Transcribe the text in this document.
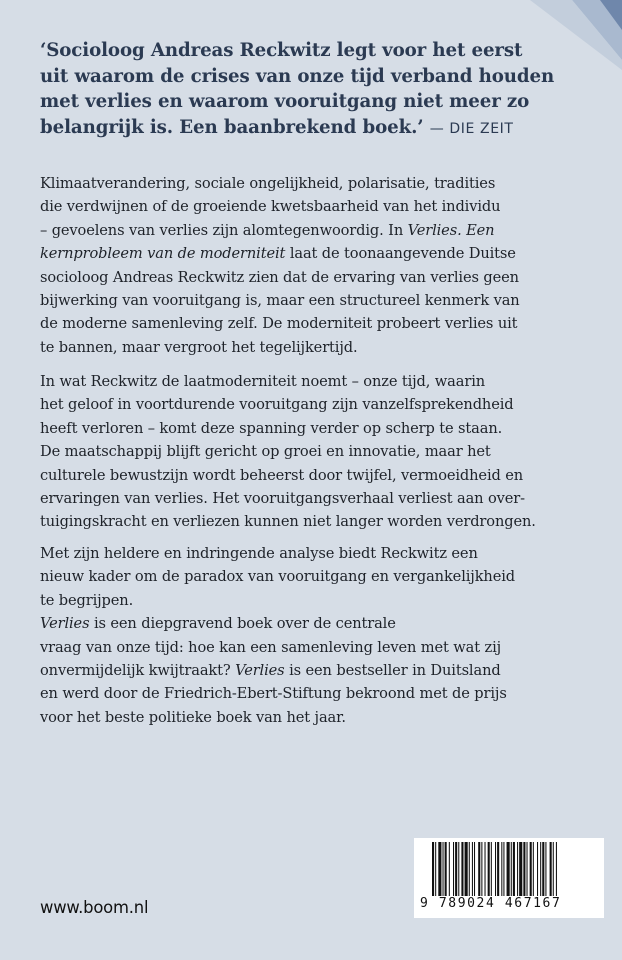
‘Socioloog Andreas Reckwitz legt voor het eerst
uit waarom de crises van onze tijd verband houden
met verlies en waarom vooruitgang niet meer zo
belangrijk is. Een baanbrekend boek.’ — DIE ZEIT
Klimaatverandering, sociale ongelijkheid, polarisatie, tradities
die verdwijnen of de groeiende kwetsbaarheid van het individu
– gevoelens van verlies zijn alomtegenwoordig. In Verlies. Een
kernprobleem van de moderniteit laat de toonaangevende Duitse
socioloog Andreas Reckwitz zien dat de ervaring van verlies geen
bijwerking van vooruitgang is, maar een structureel kenmerk van
de moderne samenleving zelf. De moderniteit probeert verlies uit
te bannen, maar vergroot het tegelijkertijd.
In wat Reckwitz de laatmoderniteit noemt – onze tijd, waarin
het geloof in voortdurende vooruitgang zijn vanzelfsprekendheid
heeft verloren – komt deze spanning verder op scherp te staan.
De maatschappij blijft gericht op groei en innovatie, maar het
culturele bewustzijn wordt beheerst door twijfel, vermoeidheid en
ervaringen van verlies. Het vooruitgangsverhaal verliest aan over-
tuigingskracht en verliezen kunnen niet langer worden verdrongen.
Met zijn heldere en indringende analyse biedt Reckwitz een
nieuw kader om de paradox van vooruitgang en vergankelijkheid
te begrijpen.
Verlies is een diepgravend boek over de centrale
vraag van onze tijd: hoe kan een samenleving leven met wat zij
onvermijdelijk kwijtraakt? Verlies is een bestseller in Duitsland
en werd door de Friedrich-Ebert-Stiftung bekroond met de prijs
voor het beste politieke boek van het jaar.
www.boom.nl	9 789024 467167
